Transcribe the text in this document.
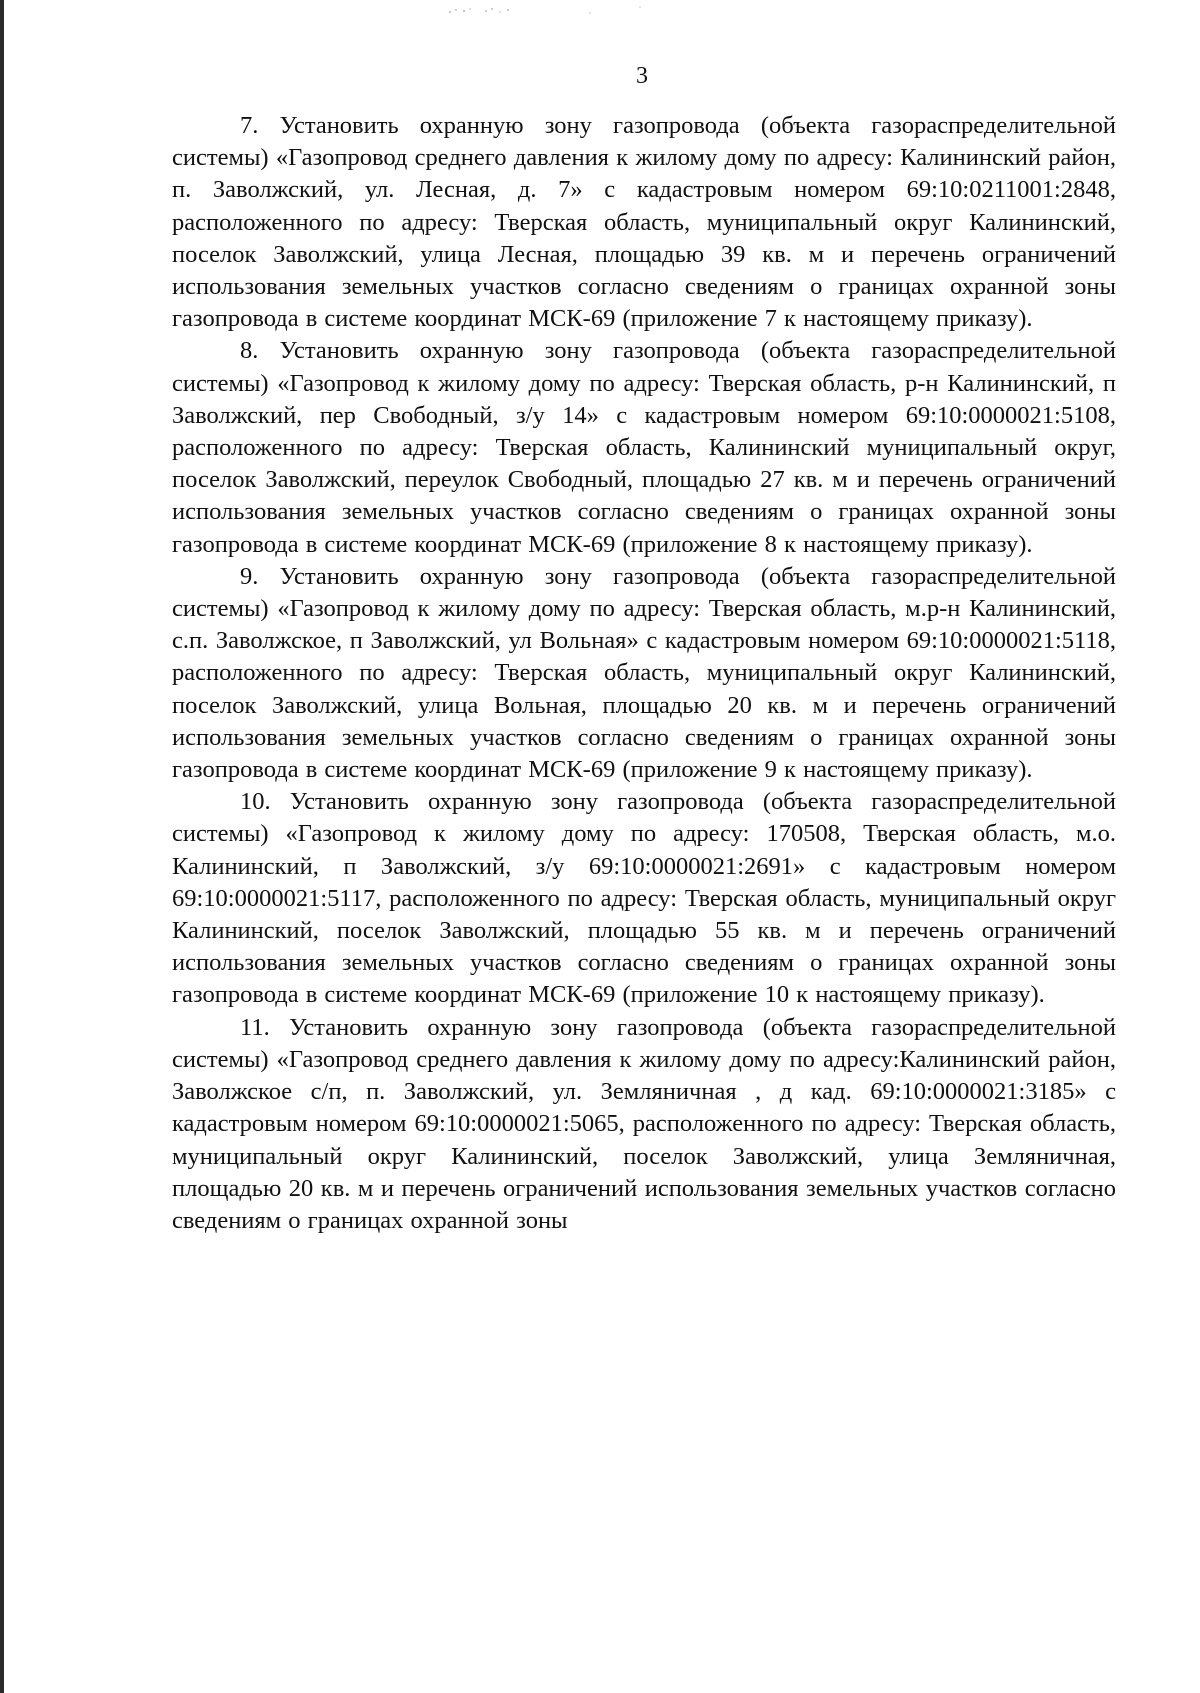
3

7. Установить охранную зону газопровода (объекта газораспределительной системы) «Газопровод среднего давления к жилому дому по адресу: Калининский район, п. Заволжский, ул. Лесная, д. 7» с кадастровым номером 69:10:0211001:2848, расположенного по адресу: Тверская область, муниципальный округ Калининский, поселок Заволжский, улица Лесная, площадью 39 кв. м и перечень ограничений использования земельных участков согласно сведениям о границах охранной зоны газопровода в системе координат МСК-69 (приложение 7 к настоящему приказу).

8. Установить охранную зону газопровода (объекта газораспределительной системы) «Газопровод к жилому дому по адресу: Тверская область, р-н Калининский, п Заволжский, пер Свободный, з/у 14» с кадастровым номером 69:10:0000021:5108, расположенного по адресу: Тверская область, Калининский муниципальный округ, поселок Заволжский, переулок Свободный, площадью 27 кв. м и перечень ограничений использования земельных участков согласно сведениям о границах охранной зоны газопровода в системе координат МСК-69 (приложение 8 к настоящему приказу).

9. Установить охранную зону газопровода (объекта газораспределительной системы) «Газопровод к жилому дому по адресу: Тверская область, м.р-н Калининский, с.п. Заволжское, п Заволжский, ул Вольная» с кадастровым номером 69:10:0000021:5118, расположенного по адресу: Тверская область, муниципальный округ Калининский, поселок Заволжский, улица Вольная, площадью 20 кв. м и перечень ограничений использования земельных участков согласно сведениям о границах охранной зоны газопровода в системе координат МСК-69 (приложение 9 к настоящему приказу).

10. Установить охранную зону газопровода (объекта газораспределительной системы) «Газопровод к жилому дому по адресу: 170508, Тверская область, м.о. Калининский, п Заволжский, з/у 69:10:0000021:2691» с кадастровым номером 69:10:0000021:5117, расположенного по адресу: Тверская область, муниципальный округ Калининский, поселок Заволжский, площадью 55 кв. м и перечень ограничений использования земельных участков согласно сведениям о границах охранной зоны газопровода в системе координат МСК-69 (приложение 10 к настоящему приказу).

11. Установить охранную зону газопровода (объекта газораспределительной системы) «Газопровод среднего давления к жилому дому по адресу:Калининский район, Заволжское с/п, п. Заволжский, ул. Земляничная , д кад. 69:10:0000021:3185» с кадастровым номером 69:10:0000021:5065, расположенного по адресу: Тверская область, муниципальный округ Калининский, поселок Заволжский, улица Земляничная, площадью 20 кв. м и перечень ограничений использования земельных участков согласно сведениям о границах охранной зоны
